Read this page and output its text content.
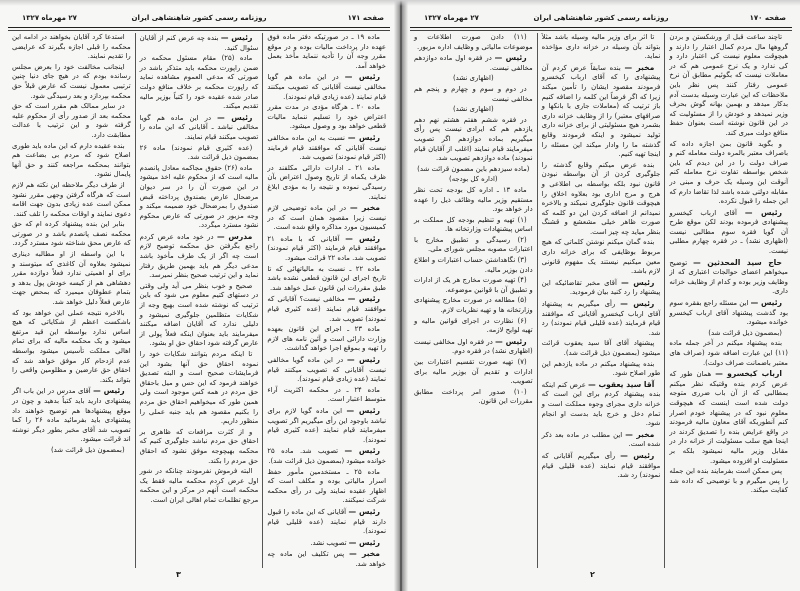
صفحه ۱۷۱
روزنامه رسمی کشور شاهنشاهی ایران
۲۷ مهرماه ۱۳۲۷

ماده ۱۹ ـ در صورتیکه دفتر ماده فوق عهده دار پرداخت مالیات بوده و در موقع مقرر وجه آن را تأدیه ننماید مأخذ بعمل خواهد آمد.

رئیس — در این ماده هم گویا مخالفی نیست آقایانی که تصویب میکنند قیام نمایند (عده زیادی قیام نمودند).

ماده ۲۰ ـ هرگاه مؤدی در مدت مقرر اعتراض خود را تسلیم ننماید مالیات قطعی خواهد بود و وصول میشود.

رئیس — نسبت به این ماده مخالفی نیست آقایانی که موافقند قیام فرمایند (اکثر قیام نمودند) تصویب شد.

ماده ۲۱ ـ ادارات دارائی مکلفند در ظرف یکماه از تاریخ وصول اعتراض بآن رسیدگی نموده و نتیجه را به مؤدی ابلاغ نمایند.

مخبر — در این ماده توضیحی لازم نیست زیرا مقصود همان است که در کمیسیون مورد مذاکره واقع شده است.

رئیس — آقایانی که با ماده ۲۱ موافقند قیام فرمایند (اکثر قیام نمودند) تصویب شد. ماده ۲۲ قرائت میشود.

ماده ۲۲ ـ نسبت به مالیاتهائی که تا تاریخ اجرای این قانون قطعی نشده باشد طبق مقررات این قانون عمل خواهد شد.

رئیس — مخالفی نیست؟ آقایانی که موافقند قیام نمایند (عده کثیری قیام نمودند) تصویب شد.

ماده ۲۳ ـ اجرای این قانون بعهده وزارت دارائی است و آئین نامه های لازم را تهیه و بموقع اجرا خواهد گذاشت.

رئیس — در این ماده گویا مخالفی نیست آقایانی که تصویب میکنند قیام نمایند (عده زیادی قیام نمودند).

ماده ۲۴ ـ در محکمه اکثریت آراء متوسط اعتبار است.

رئیس — این ماده گویا لازم برای نباشد باوجود این رأی میگیریم اگر تصویب میفرمایند قیام نمایند (عده کثیری قیام نمودند).

رئیس — تصویب شد. ماده ۲۵ خوانده میشود (بمضمون ذیل قرائت شد).

ماده ۲۵ ـ مستخدمین مأمور حفظ اسرار مالیاتی بوده و مکلف است که اظهار عقیده نمایند ولی در رأی محکمه شرکت نمیکنند.

رئیس — آقایانی که این ماده را قبول دارند قیام نمایند (عده قلیلی قیام نمودند).

رئیس — تصویب نشد.

مخبر — پس تکلیف این ماده چه خواهد شد.

رئیس — بنده چه عرض کنم از آقایان سئوال کنید.

ماده (۲۵) مقام مسئول محکمه در ضمن راپورت محکمه باید متذکر باشد در صورتی که مدعی العموم مشاهده نماید که راپورت محکمه بر خلاف منافع دولت صادر شده عقیده خود را کتباً بوزیر مالیه تقدیم میکند.

رئیس — در این ماده هم گویا مخالفی نباشد ـ آقایانی که این ماده را تصویب میکنند قیام نمایند.

(عده کثیری قیام نمودند) ماده ۲۶ بمضمون ذیل قرائت شد.

ماده (۲۶) حقوق مجاکمه معادل پانصدم مالیه است که از محکوم علیه اخذ میشود در این صورت آن را در سر دیوان مرضحال عارض بصندوق پرداخته قبض صندوق را بمرضحال خود ضمیمه میکند و وجه مزبور در صورتی که عارض محکوم نشود مسترد میگردد.

مدرس — در خود ماده عرض کردم راجع بگرفتن حق محکمه توضیح لازم است چه اگر از یک طرف مأخوذ باشد مدعی دیگر هم باید بهمین طریق رفتار نماید و این ترتیب صحیح بنظر نمیرسد.

صحیح و خوب بنظر می آید ولی وقتی در دستهای کتیم معلوم می شود که باین ترتیب که نوشته شده است بهیچ وجه از شکایات متظلمین جلوگیری نمیشود و دلیلی ندارد که آقایان اضافه میکنند میفرمایند باید بعنوان اینکه فعلاً پولی از عارض گرفته شود احقاق حق او بشود.

تا اینکه مردم بتوانند شکایات خود را نموده احقاق حق آنها بشود این فرمایشات صحیح است و البته تصدیق خواهند فرمود که این حس و میل باحقاق حق مردم در همه کس موجود است ولی همین طور که میخواهیم احقاق حق مردم را بکنیم مقصود هم باید جنبه عملی را منظور داریم.

و از کثرت مرافعات که ظاهری بر احقاق حق مردم نباشد جلوگیری کنیم که محکمه بهیچوجه موفق نشود که احقاق حق مردم را بکند.

البته فرموش نفرمودند چنانکه در شور اول عرض کردم محکمه مالیه فقط یک محکمه است آنهم در مرکز و این محکمه مرجع تظلمات تمام اهالی ایران است.

استدعا کرد آقایان بخواهند در ادامه این محکمه را قبلی اجازه بگیرند که عرایضی را تقدیم نمایند.

اینجانب مخالفت خود را بعرض مجلس رسانده بودم که در هیچ جای دنیا چنین ترتیبی معمول نیست که عارض قبلاً حق محکمه بپردازد و بعد رسیدگی شود.

در سایر ممالک هم مقرر است که حق محکمه بعد از صدور رأی از محکوم علیه گرفته شود و این ترتیب با عدالت مطابقت دارد.

بنده عقیده دارم که این ماده باید طوری اصلاح شود که مردم بی بضاعت هم بتوانند بمحکمه مراجعه کنند و حق آنها پایمال نشود.

از طرف دیگر ملاحظه این نکته هم لازم است که هرگاه گرفتن وجهی مقرر نشود ممکن است عده زیادی بدون جهت اقامه دعوی نمایند و اوقات محکمه را تلف کنند.

بنابر این بنده پیشنهاد کرده ام که حق محکمه نصف پانصدم باشد و در صورتی که عارض محق شناخته شود مسترد گردد.

با این واسطه از او مطالبه دیناری نمیشود بعلاوه آن کاغذی که میتوسند و برای او اهمیتی ندارد فعلاً دوازده مقرر دهشاهی هم از کیسه خودش پول بدهد و بتمام عطوفان میمیرد که بمحض جهت عارض فعلاً دلیل خواهد شد.

بالاخره نتیجه عملی این خواهد بود که باشکست اعظم از شکایاتی که هیچ اساس ندارد بواسطه این قید مرتفع میشود و یک محکمه مالیه که برای تمام اهالی مملکت تأسیس میشود بواسطه عدم ازدحام کار موفق خواهد شد که احقاق حق عارضین و مظلومین واقعی را بتواند بکند.

رئیس — آقای مدرس در این باب اگر پیشنهادی دارید باید کتباً بدهید و چون در موقع پیشنهادها هم توضیح خواهند داد پیشنهادی باید بفرمائید ماده ۲۶ را کما تصویب شد آقای مخبر بطور دیگر نوشته اند قرائت میشود.

(بمضمون ذیل قرائت شد)

۳
صفحه ۱۷۰
روزنامه رسمی کشور شاهنشاهی ایران
۲۷ مهرماه ۱۳۲۷

تاچند ساعت قبل از ورشکستن و بردن گروهها مال مردم کمال اعتبار را دارند و هیچوقت معلوم نیست کی اعتبار دارد و کی ندارد و یک نرخ عمومی هم که در معاملات نیست که بگوئیم مطابق آن نرخ عمومی رفتار کنند پس نظر باین ملاحظات که این عبارت وسیله بدست آدم بدکار میدهد و بهمین بهانه گوش بحرف وزیر نمیدهد و خودش را از مسئولیت که در این قانون نوشته است بعنوان حفظ منافع دولت مبری کند.

و بگوید قانون بمن اجازه داده که باصراف معتبر بالمره دولت معامله کنم و صراف دولت را در این دیدم که باین شخص بواسطه تفاوت نرخ معامله کنم آنوقت این وسیله یک حرف و مبنی در مقابله دولتی شده باشد لذا تقاضا دارم که این جمله را قبول نکرده.

رئیس — آقای ارباب کیخسرو پیشنهادی فرموده بودند لکن موقع طرح آن گویا فقره سوم مطالبی نیست (اظهاری نشد) ـ در فقره چهارم مطلبی نیست.

حاج سید المحدثین — توضیح میخواهم اعضای حوالجات اعتباری که از وظایف وزیر بوده و کدام از وظایف خزانه داری.

رئیس — این مسئله راجع بفقره سوم بود گذشت پیشنهاد آقای ارباب کیخسرو خوانده میشود.

(بمضمون ذیل قرائت شد)

بنده پیشنهاد میکنم در آخر جمله ماده (۱۱) این عبارت اضافه شود (صراف های معتبر باضمانت صراف دولت).

ارباب کیخسرو — همان طور که عرض کردم بنده وقتیکه نظر میکنم بمطالبی که از آن باب ضرری متوجه دولت شده است اینست که هیچوقت معلوم نبود که در پیشنهاد خودم اصرار کنم آنطوریکه آقای معاون مالیه فرمودند در واقع عرایض بنده را تصدیق کردند در اینجا هیچ سلب مسئولیت از خزانه دار در مقابل وزیر مالیه نمیشود بلکه بر مسئولیت او افزوده میشود.

پس ممکن است بفرمایند بنده این جمله را پس میگیرم و با توضیحی که داده شد کفایت میکند.

تا اثر برای وزیر مالیه وسیله باشد مثلاً بتواند بآن وسیله در خزانه داری مؤاخذه نماید.

مخبر — بنده سابقاً عرض کردم آن پیشنهادی را که آقای ارباب کیخسرو فرمودند مقصود ایشان را تأمین میکند زیرا که اگر فرضاً این کلمه را اضافه کنیم باز ترتیب که (معاملات جاری با بانکها و صرافهای معتبر) را از وظایف خزانه داری بشمرد هیچ مسئولیتی از برای خزانه داری تولید نمیشود و اینکه فرمودند وقایع گذشته ما را وادار میکند این مسئله را اینجا تهیه کنیم.

بنده عرض میکنم وقایع گذشته را جلوگیری کردن از آن بواسطه نبودن قانون نبود بلکه بواسطه بی اطلاعی و هرج و مرج اداری بود بعلاوه اخلاق را هیچوقت قانون جلوگیری نمیکند و بالاخره نمیدانم از اضافه کردن این دو کلمه که صورت ظاهر خیلی مشعشع و قشنگ بنظر میاید چه چیز است.

بنده گمان میکنم نوشتن کلماتی که هیچ مربوط بوظایفی که برای خزانه داری معین میکنیم نیستند یک مفهوم قانونی لازم باشد.

رئیس — آقای مخبر تقاضائیکه این پیشنهاد را رد کنید بیان فرمودید.

رئیس — رأی میگیریم به پیشنهاد آقای ارباب کیخسرو آقایانی که موافقند قیام فرمایند (عده قلیلی قیام نمودند) رد شد.

پیشنهاد آقای آقا سید یعقوب قرائت میشود (بمضمون ذیل قرائت شد).

بنده پیشنهاد میکنم در ماده یازدهم این طور اصلاح شود.

آقا سید یعقوب — عرض کنم اینکه بنده پیشنهاد کردم برای این است که خزانه داری مجرای وجوه مملکت است و تمام دخل و خرج باید بدست او انجام شود.

مخبر — این مطلب در ماده بعد ذکر شده است.

رئیس — رأی میگیریم آقایانی که موافقند قیام نمایند (عده قلیلی قیام نمودند) رد شد.

(۱۱) دادن صورت اطلاعات و موضوعات مالیاتی و وظایف اداره مزبور.

رئیس — در فقره اول ماده دوازدهم مخالفی نیست.

(اظهاری نشد)

در دوم و سوم و چهارم و پنجم هم مخالفی نیست

(اظهاری نشد)

در فقره ششم هفتم هشتم نهم دهم یازدهم هم که ایرادی نیست پس رأی میگیریم بماده دوازدهم اگر تصویب میفرمایند قیام نمایند (اغلب از آقایان قیام نمودند) ماده دوازدهم تصویب شد.

(ماده سیزدهم باین مضمون قرائت شد)

(اداره کل بودجه)

ماده ۱۳ ـ اداره کل بودجه تحت نظر مستقیم وزیر مالیه وظائف ذیل را عهده دار خواهد بود.

(۱) تهیه و تنظیم بودجه کل مملکت بر اساس پیشنهادات وزارتخانه ها.

(۲) رسیدگی و تطبیق مخارج با اعتبارات مصوبه مجلس شورای ملی.

(۳) نگاهداشتن حساب اعتبارات و اطلاع دادن بوزیر مالیه.

(۴) تهیه صورت مخارج هر یک از ادارات و تطبیق آن با قوانین موضوعه.

(۵) مطالعه در صورت مخارج پیشنهادی وزارتخانه ها و تهیه نظریات لازم.

(۶) نظارت در اجرای قوانین مالیه و تهیه لوایح لازمه.

رئیس — در فقره اول مخالفی نیست (اظهاری نشد) در فقره دوم.

(۷) تهیه صورت تقسیم اعتبارات بین ادارات و تقدیم آن بوزیر مالیه برای تصویب.

(۱۰) صدور امر پرداخت مطابق مقررات این قانون.

۲
